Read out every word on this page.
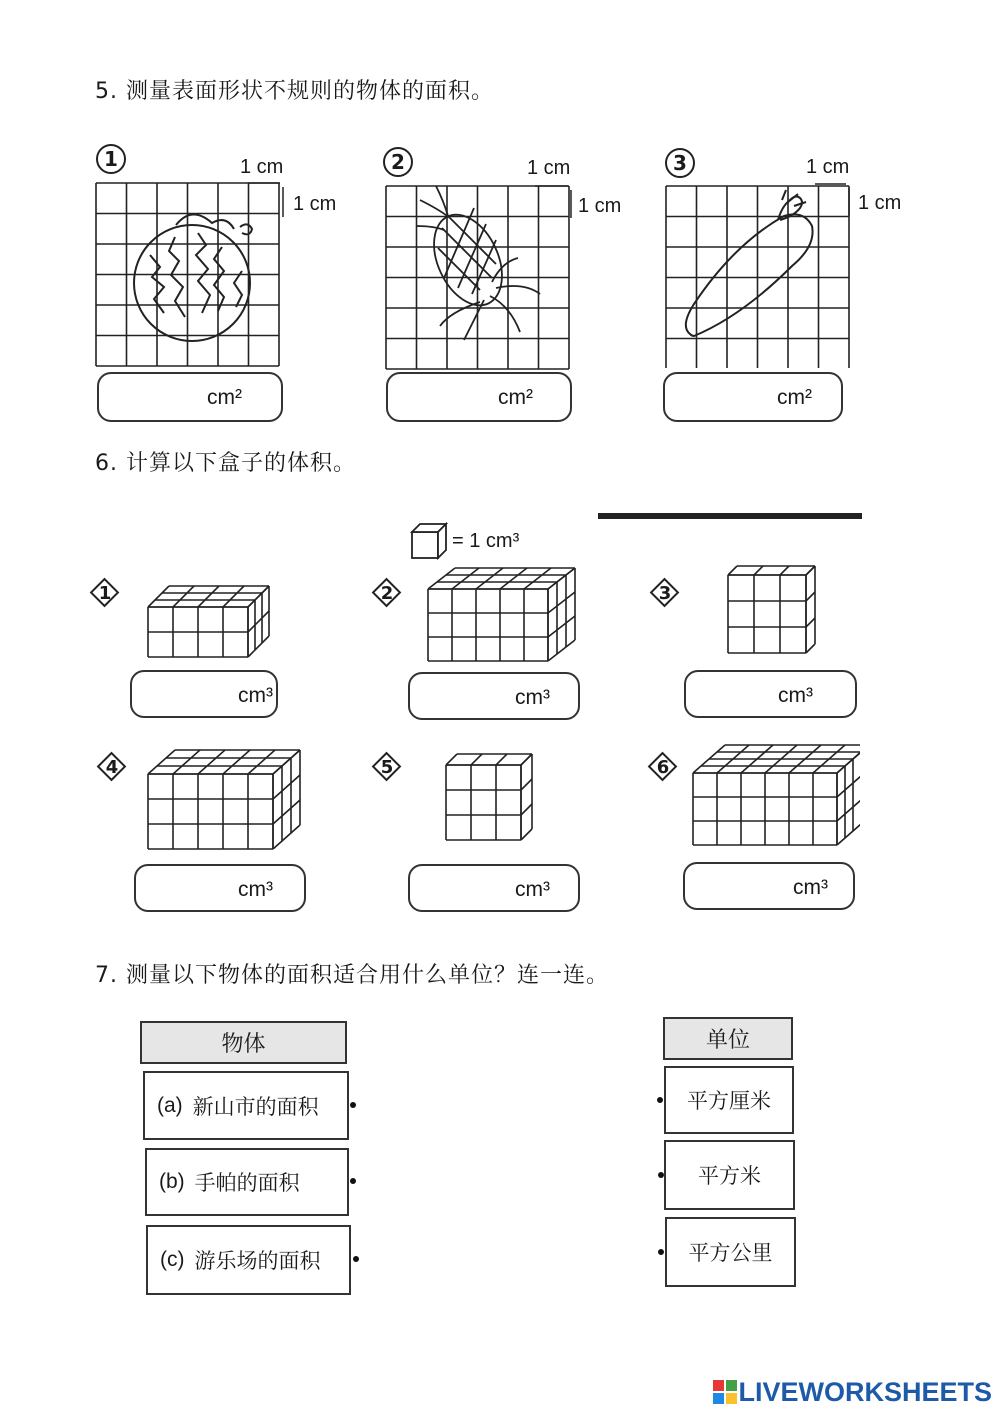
5. 测量表面形状不规则的物体的面积。
1	1 cm
1 cm
cm²
2	1 cm
1 cm
cm²
3	1 cm
1 cm
cm²
6. 计算以下盒子的体积。
= 1 cm³
1	2	3
4	5	6
cm³	cm³	cm³
cm³	cm³	cm³
7. 测量以下物体的面积适合用什么单位？连一连。
物体	单位
(a) 新山市的面积
(b) 手帕的面积
(c) 游乐场的面积
平方厘米
平方米
平方公里
LIVEWORKSHEETS
